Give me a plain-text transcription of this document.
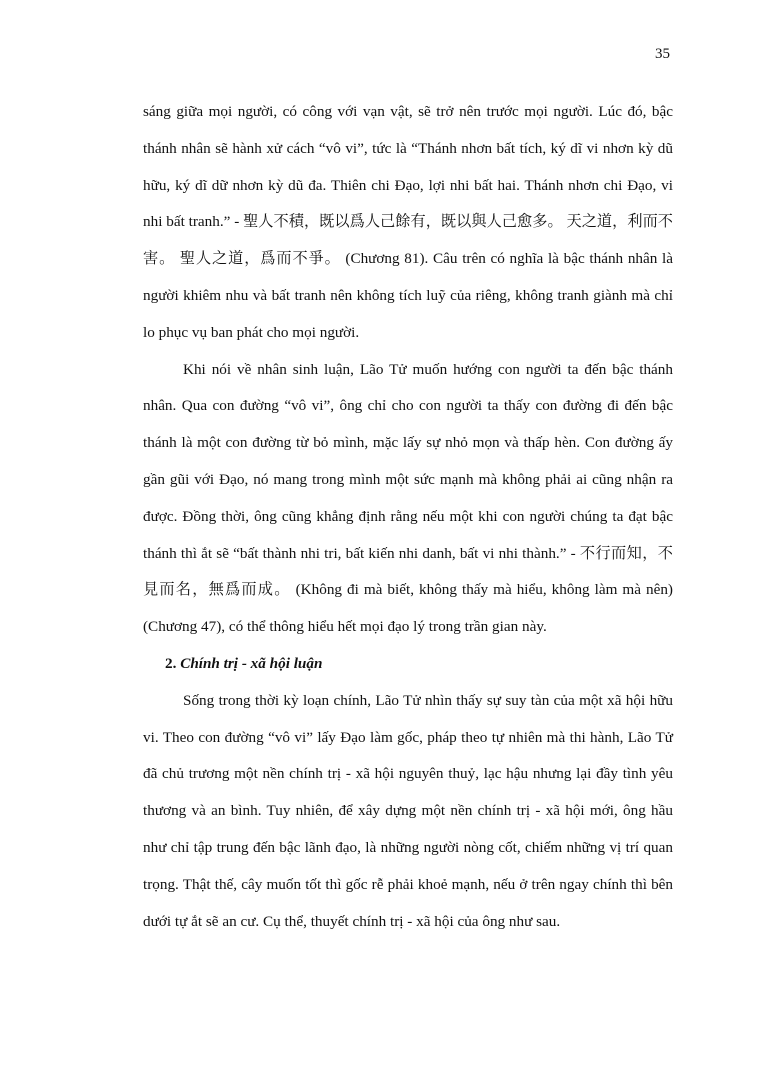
35

sáng giữa mọi người, có công với vạn vật, sẽ trở nên trước mọi người. Lúc đó, bậc thánh nhân sẽ hành xử cách “vô vi”, tức là “Thánh nhơn bất tích, ký dĩ vi nhơn kỳ dũ hữu, ký dĩ dữ nhơn kỳ dũ đa. Thiên chi Đạo, lợi nhi bất hai. Thánh nhơn chi Đạo, vi nhi bất tranh.” - 聖人不積，既以爲人己餘有，既以與人己愈多。 天之道，利而不害。 聖人之道，爲而不爭。 (Chương 81). Câu trên có nghĩa là bậc thánh nhân là người khiêm nhu và bất tranh nên không tích luỹ của riêng, không tranh giành mà chỉ lo phục vụ ban phát cho mọi người.

Khi nói về nhân sinh luận, Lão Tử muốn hướng con người ta đến bậc thánh nhân. Qua con đường “vô vi”, ông chỉ cho con người ta thấy con đường đi đến bậc thánh là một con đường từ bỏ mình, mặc lấy sự nhỏ mọn và thấp hèn. Con đường ấy gần gũi với Đạo, nó mang trong mình một sức mạnh mà không phải ai cũng nhận ra được. Đồng thời, ông cũng khẳng định rằng nếu một khi con người chúng ta đạt bậc thánh thì ắt sẽ “bất thành nhi tri, bất kiến nhi danh, bất vi nhi thành.” - 不行而知，不見而名，無爲而成。 (Không đi mà biết, không thấy mà hiểu, không làm mà nên) (Chương 47), có thể thông hiểu hết mọi đạo lý trong trần gian này.

2. Chính trị - xã hội luận

Sống trong thời kỳ loạn chính, Lão Tử nhìn thấy sự suy tàn của một xã hội hữu vi. Theo con đường “vô vi” lấy Đạo làm gốc, pháp theo tự nhiên mà thi hành, Lão Tử đã chủ trương một nền chính trị - xã hội nguyên thuỷ, lạc hậu nhưng lại đầy tình yêu thương và an bình. Tuy nhiên, để xây dựng một nền chính trị - xã hội mới, ông hầu như chỉ tập trung đến bậc lãnh đạo, là những người nòng cốt, chiếm những vị trí quan trọng. Thật thế, cây muốn tốt thì gốc rễ phải khoẻ mạnh, nếu ở trên ngay chính thì bên dưới tự ắt sẽ an cư. Cụ thể, thuyết chính trị - xã hội của ông như sau.
